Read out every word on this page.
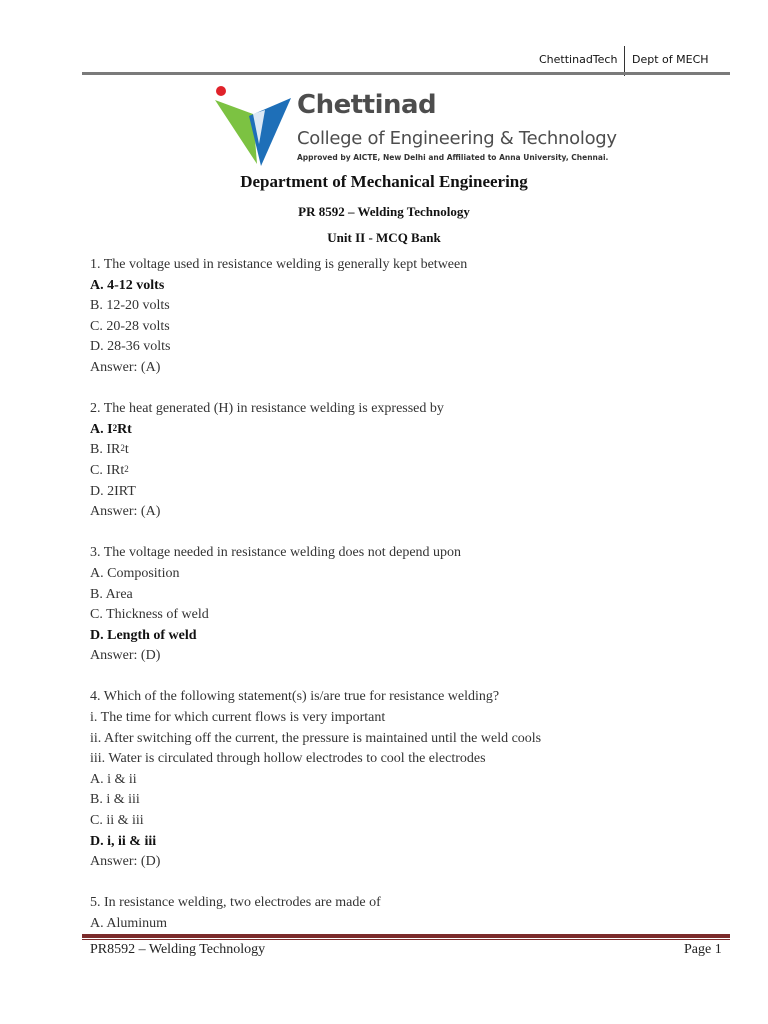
ChettinadTech Dept of MECH
Chettinad
College of Engineering & Technology
Approved by AICTE, New Delhi and Affiliated to Anna University, Chennai.
Department of Mechanical Engineering
PR 8592 – Welding Technology
Unit II - MCQ Bank
1. The voltage used in resistance welding is generally kept between
A. 4-12 volts
B. 12-20 volts
C. 20-28 volts
D. 28-36 volts
Answer: (A)
2. The heat generated (H) in resistance welding is expressed by
A. $I^2Rt$
B. $IR^2t$
C. IRt$^2$
D. 2IRT
Answer: (A)
3. The voltage needed in resistance welding does not depend upon
A. Composition
B. Area
C. Thickness of weld
D. Length of weld
Answer: (D)
4. Which of the following statement(s) is/are true for resistance welding?
i. The time for which current flows is very important
ii. After switching off the current, the pressure is maintained until the weld cools
iii. Water is circulated through hollow electrodes to cool the electrodes
A. i & ii
B. i & iii
C. ii & iii
D. i, ii & iii
Answer: (D)
5. In resistance welding, two electrodes are made of
A. Aluminum
PR8592 – Welding Technology	Page 1
